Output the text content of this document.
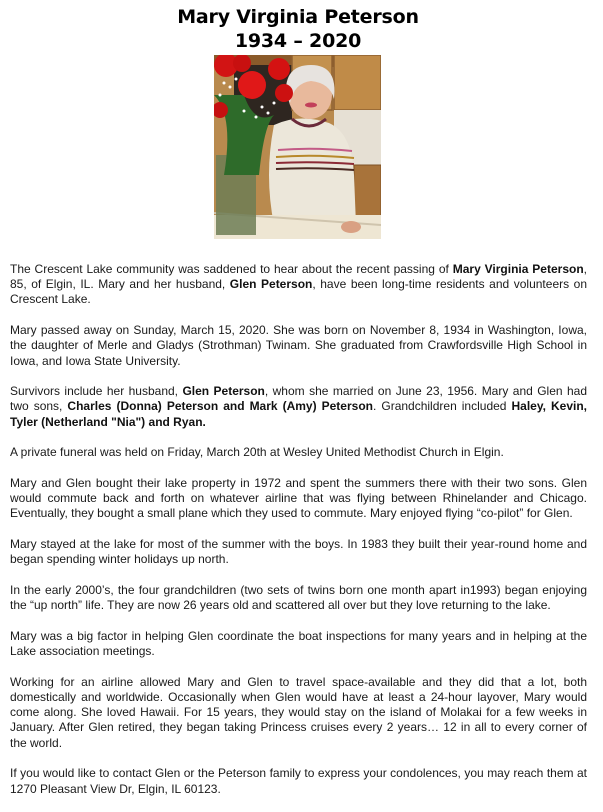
Mary Virginia Peterson
1934 – 2020

The Crescent Lake community was saddened to hear about the recent passing of Mary Virginia Peterson, 85, of Elgin, IL. Mary and her husband, Glen Peterson, have been long-time residents and volunteers on Crescent Lake.

Mary passed away on Sunday, March 15, 2020. She was born on November 8, 1934 in Washington, Iowa, the daughter of Merle and Gladys (Strothman) Twinam. She graduated from Crawfordsville High School in Iowa, and Iowa State University.

Survivors include her husband, Glen Peterson, whom she married on June 23, 1956. Mary and Glen had two sons, Charles (Donna) Peterson and Mark (Amy) Peterson. Grandchildren included Haley, Kevin, Tyler (Netherland "Nia") and Ryan.

A private funeral was held on Friday, March 20th at Wesley United Methodist Church in Elgin.

Mary and Glen bought their lake property in 1972 and spent the summers there with their two sons. Glen would commute back and forth on whatever airline that was flying between Rhinelander and Chicago. Eventually, they bought a small plane which they used to commute. Mary enjoyed flying “co-pilot” for Glen.

Mary stayed at the lake for most of the summer with the boys. In 1983 they built their year-round home and began spending winter holidays up north.

In the early 2000’s, the four grandchildren (two sets of twins born one month apart in1993) began enjoying the “up north” life. They are now 26 years old and scattered all over but they love returning to the lake.

Mary was a big factor in helping Glen coordinate the boat inspections for many years and in helping at the Lake association meetings.

Working for an airline allowed Mary and Glen to travel space-available and they did that a lot, both domestically and worldwide. Occasionally when Glen would have at least a 24-hour layover, Mary would come along. She loved Hawaii. For 15 years, they would stay on the island of Molakai for a few weeks in January. After Glen retired, they began taking Princess cruises every 2 years… 12 in all to every corner of the world.

If you would like to contact Glen or the Peterson family to express your condolences, you may reach them at 1270 Pleasant View Dr, Elgin, IL 60123.
